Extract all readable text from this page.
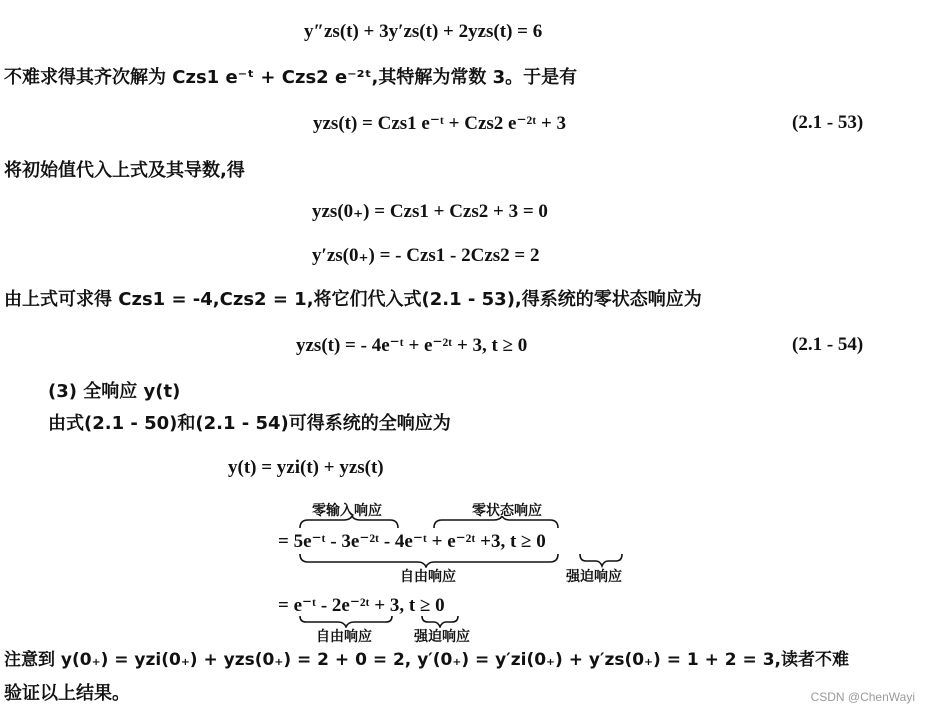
y″zs(t) + 3y′zs(t) + 2yzs(t) = 6
不难求得其齐次解为 Czs1 e⁻ᵗ + Czs2 e⁻²ᵗ,其特解为常数 3。于是有
yzs(t) = Czs1 e⁻ᵗ + Czs2 e⁻²ᵗ + 3	(2.1 - 53)
将初始值代入上式及其导数,得
yzs(0₊) = Czs1 + Czs2 + 3 = 0
y′zs(0₊) = - Czs1 - 2Czs2 = 2
由上式可求得 Czs1 = -4,Czs2 = 1,将它们代入式(2.1 - 53),得系统的零状态响应为
yzs(t) = - 4e⁻ᵗ + e⁻²ᵗ + 3, t ≥ 0	(2.1 - 54)
(3) 全响应 y(t)
由式(2.1 - 50)和(2.1 - 54)可得系统的全响应为
y(t) = yzi(t) + yzs(t)
零输入响应	零状态响应
= 5e⁻ᵗ - 3e⁻²ᵗ - 4e⁻ᵗ + e⁻²ᵗ +3, t ≥ 0
自由响应	强迫响应
= e⁻ᵗ - 2e⁻²ᵗ + 3, t ≥ 0
自由响应	强迫响应
注意到 y(0₊) = yzi(0₊) + yzs(0₊) = 2 + 0 = 2, y′(0₊) = y′zi(0₊) + y′zs(0₊) = 1 + 2 = 3,读者不难
验证以上结果。	CSDN @ChenWayi
